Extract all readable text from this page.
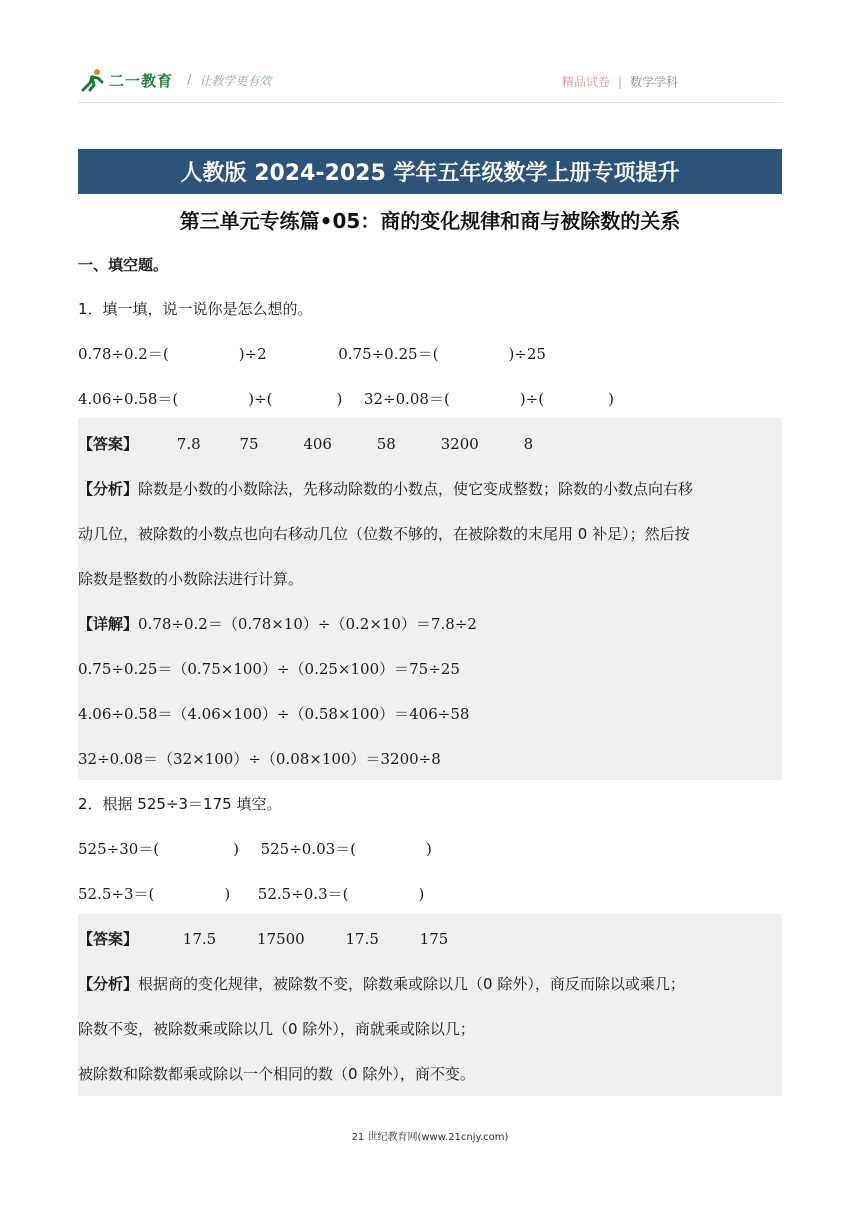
二一教育 / 让教学更有效	精品试卷 | 数学学科
人教版 2024-2025 学年五年级数学上册专项提升
第三单元专练篇•05：商的变化规律和商与被除数的关系
一、填空题。
1．填一填，说一说你是怎么想的。
0.78÷0.2＝(	)÷2	0.75÷0.25＝(	)÷25
4.06÷0.58＝(	)÷(	) 32÷0.08＝(	)÷(	)
【答案】	7.8	75	406	58	3200	8
【分析】除数是小数的小数除法，先移动除数的小数点，使它变成整数；除数的小数点向右移
动几位，被除数的小数点也向右移动几位（位数不够的，在被除数的末尾用 0 补足）；然后按
除数是整数的小数除法进行计算。
【详解】0.78÷0.2＝（0.78×10）÷（0.2×10）＝7.8÷2
0.75÷0.25＝（0.75×100）÷（0.25×100）＝75÷25
4.06÷0.58＝（4.06×100）÷（0.58×100）＝406÷58
32÷0.08＝（32×100）÷（0.08×100）＝3200÷8
2．根据 525÷3＝175 填空。
525÷30＝(	) 525÷0.03＝(	)
52.5÷3＝(	) 52.5÷0.3＝(	)
【答案】	17.5	17500	17.5	175
【分析】根据商的变化规律，被除数不变，除数乘或除以几（0 除外），商反而除以或乘几；
除数不变，被除数乘或除以几（0 除外），商就乘或除以几；
被除数和除数都乘或除以一个相同的数（0 除外），商不变。
21 世纪教育网(www.21cnjy.com)
